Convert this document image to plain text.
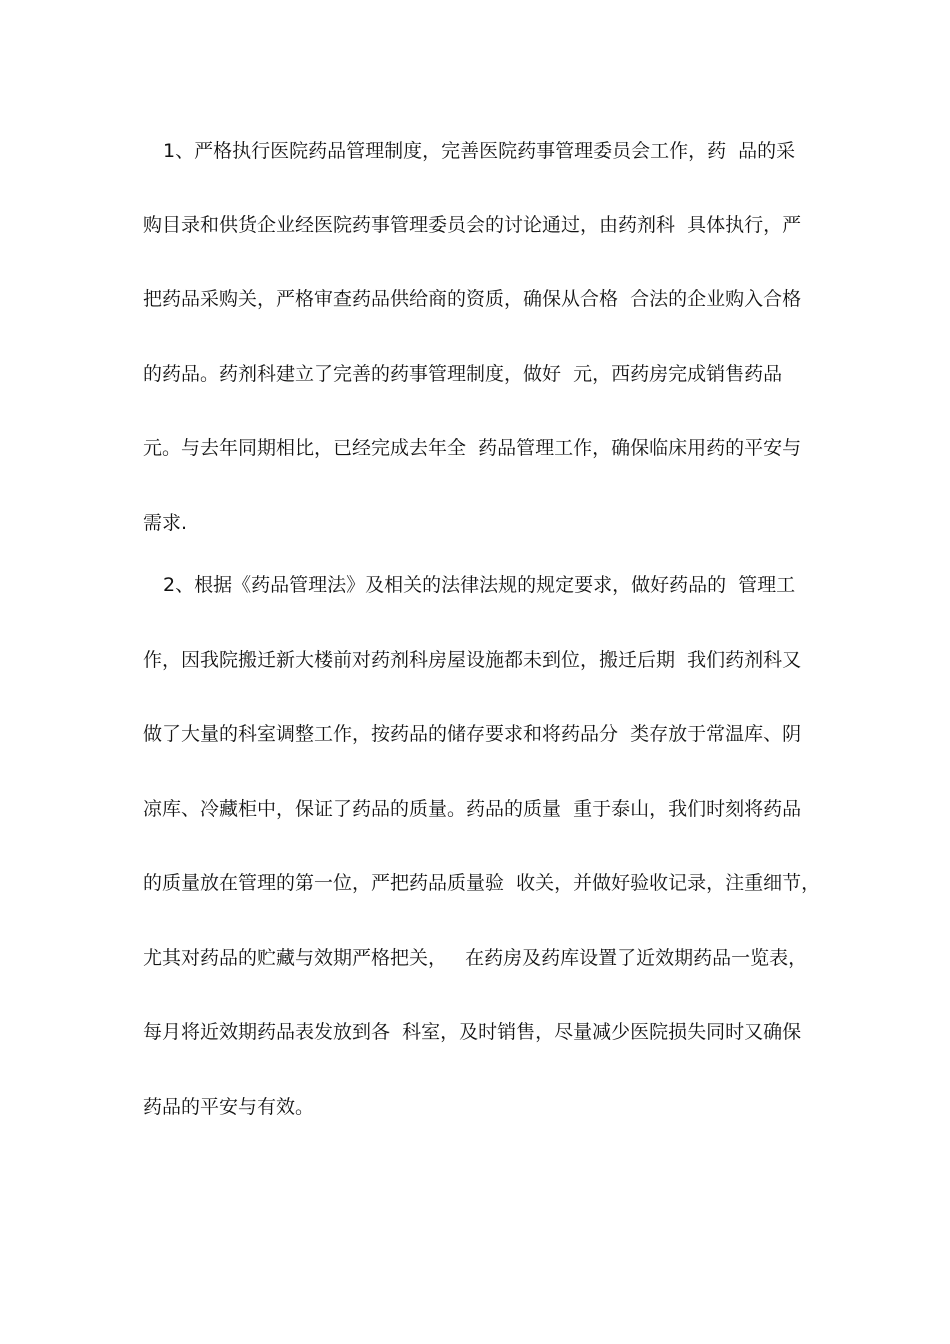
1、严格执行医院药品管理制度，完善医院药事管理委员会工作，药  品的采
购目录和供货企业经医院药事管理委员会的讨论通过，由药剂科  具体执行，严
把药品采购关，严格审查药品供给商的资质，确保从合格  合法的企业购入合格
的药品。药剂科建立了完善的药事管理制度，做好  元，西药房完成销售药品
元。与去年同期相比，已经完成去年全  药品管理工作，确保临床用药的平安与
需求.
2、根据《药品管理法》及相关的法律法规的规定要求，做好药品的  管理工
作，因我院搬迁新大楼前对药剂科房屋设施都未到位，搬迁后期  我们药剂科又
做了大量的科室调整工作，按药品的储存要求和将药品分  类存放于常温库、阴
凉库、冷藏柜中，保证了药品的质量。药品的质量  重于泰山，我们时刻将药品
的质量放在管理的第一位，严把药品质量验  收关，并做好验收记录，注重细节，
尤其对药品的贮藏与效期严格把关，   在药房及药库设置了近效期药品一览表，
每月将近效期药品表发放到各  科室，及时销售，尽量减少医院损失同时又确保
药品的平安与有效。
